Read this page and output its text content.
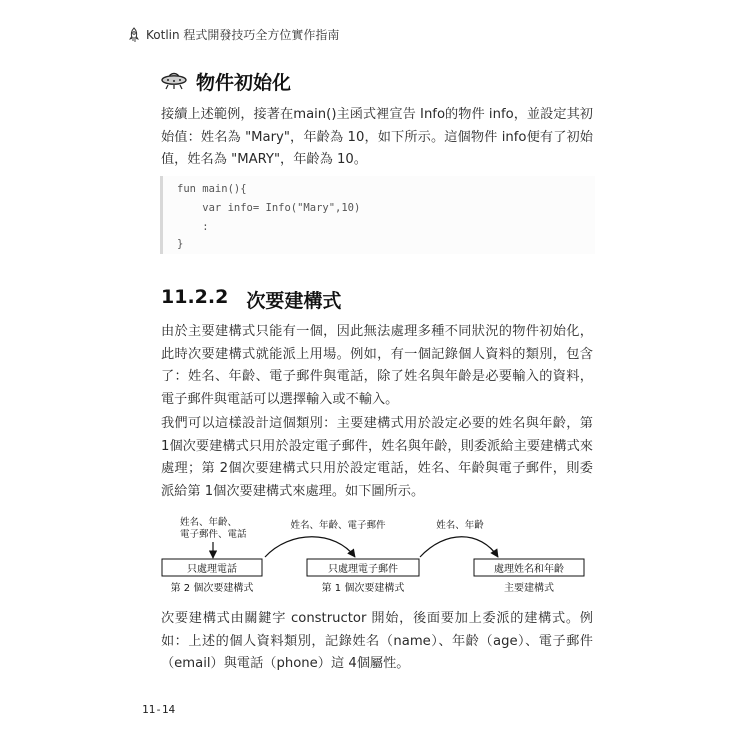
Kotlin 程式開發技巧全方位實作指南
物件初始化

接續上述範例，接著在main()主函式裡宣告 Info的物件 info，並設定其初始值：姓名為 "Mary"，年齡為 10，如下所示。這個物件 info便有了初始值，姓名為 "MARY"，年齡為 10。

fun main(){
var info= Info("Mary",10)
:
}
11.2.2 次要建構式

由於主要建構式只能有一個，因此無法處理多種不同狀況的物件初始化，此時次要建構式就能派上用場。例如，有一個記錄個人資料的類別，包含了：姓名、年齡、電子郵件與電話，除了姓名與年齡是必要輸入的資料，電子郵件與電話可以選擇輸入或不輸入。

我們可以這樣設計這個類別：主要建構式用於設定必要的姓名與年齡，第 1個次要建構式只用於設定電子郵件，姓名與年齡，則委派給主要建構式來處理；第 2個次要建構式只用於設定電話，姓名、年齡與電子郵件，則委派給第 1個次要建構式來處理。如下圖所示。

姓名、年齡、
電子郵件、電話
只處理電話
第 2 個次要建構式
姓名、年齡、電子郵件
只處理電子郵件
第 1 個次要建構式
姓名、年齡
處理姓名和年齡
主要建構式

次要建構式由關鍵字 constructor 開始，後面要加上委派的建構式。例如：上述的個人資料類別，記錄姓名（name）、年齡（age）、電子郵件（email）與電話（phone）這 4個屬性。

11-14
